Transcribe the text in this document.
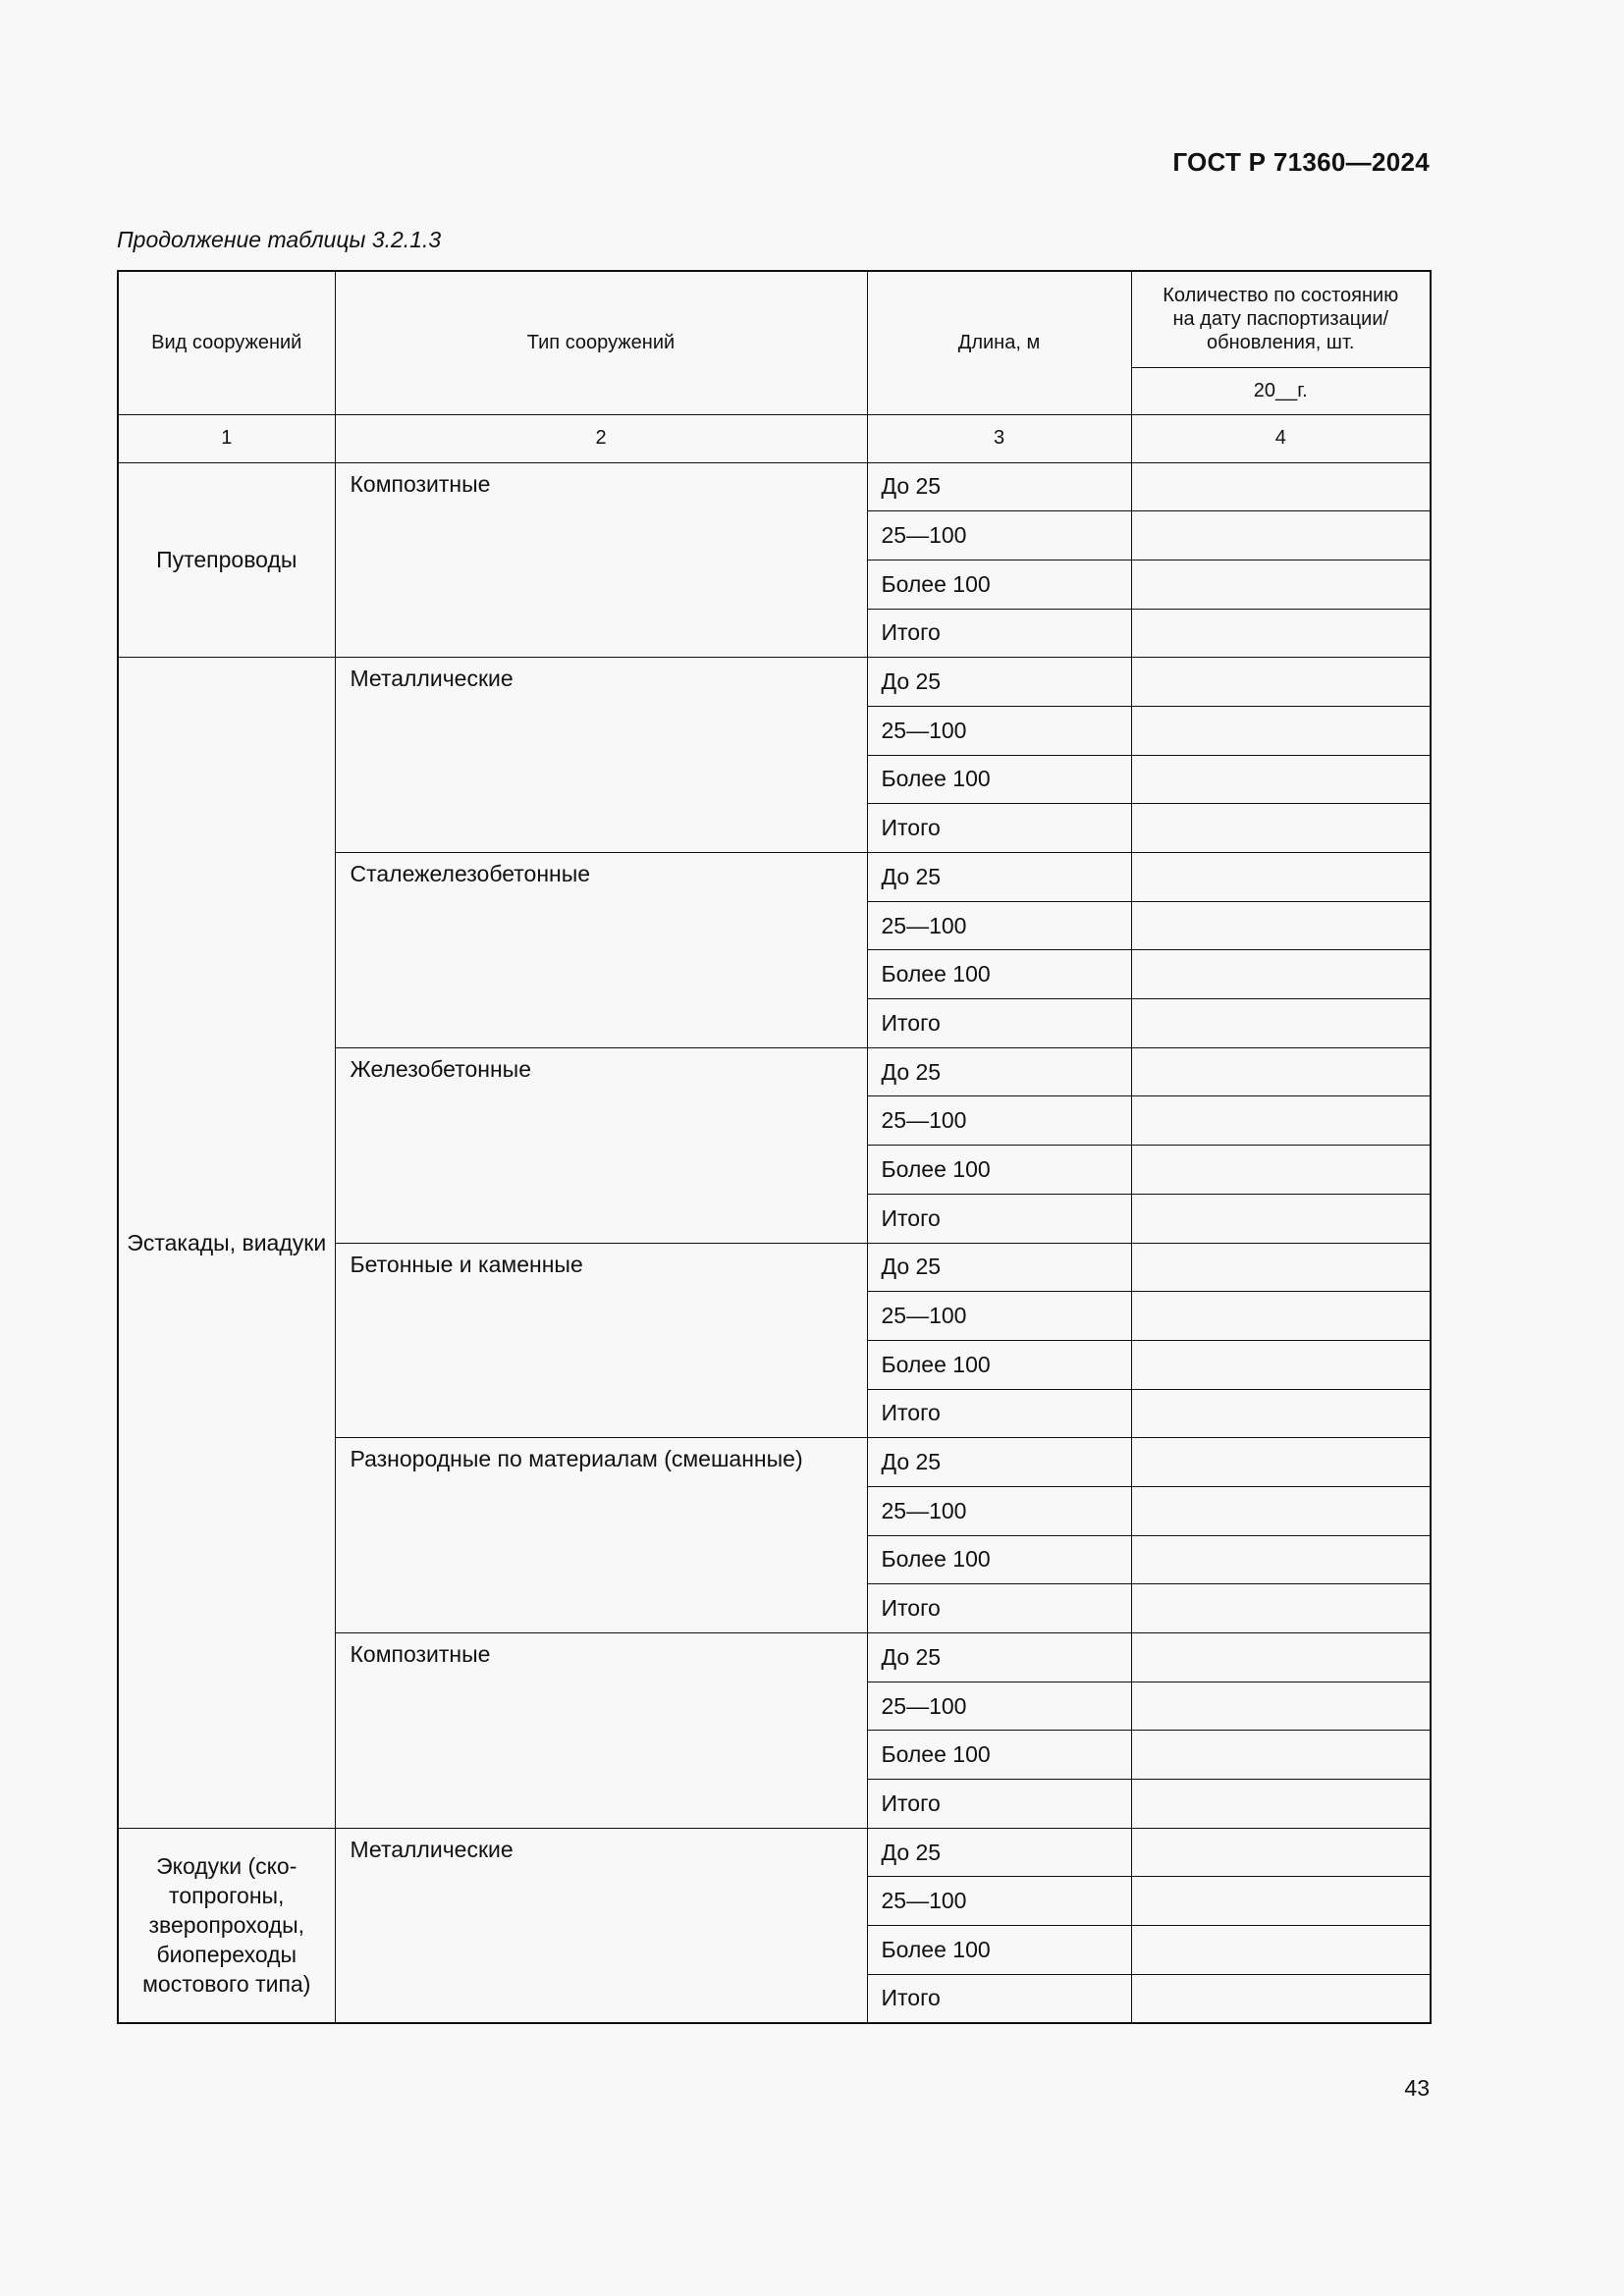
ГОСТ Р 71360—2024
Продолжение таблицы 3.2.1.3
Вид сооружений	Тип сооружений	Длина, м	Количество по состоянию на дату паспортизации/ обновления, шт.
			20__г.
1	2	3	4
Путепроводы	Композитные	До 25	
		25—100	
		Более 100	
		Итого	
Эстакады, виадуки	Металлические	До 25	
		25—100	
		Более 100	
		Итого	
	Сталежелезобетонные	До 25	
		25—100	
		Более 100	
		Итого	
	Железобетонные	До 25	
		25—100	
		Более 100	
		Итого	
	Бетонные и каменные	До 25	
		25—100	
		Более 100	
		Итого	
	Разнородные по материалам (смешанные)	До 25	
		25—100	
		Более 100	
		Итого	
	Композитные	До 25	
		25—100	
		Более 100	
		Итого	
Экодуки (ско-топрогоны, зверопроходы, биопереходы мостового типа)	Металлические	До 25	
		25—100	
		Более 100	
		Итого	
43
